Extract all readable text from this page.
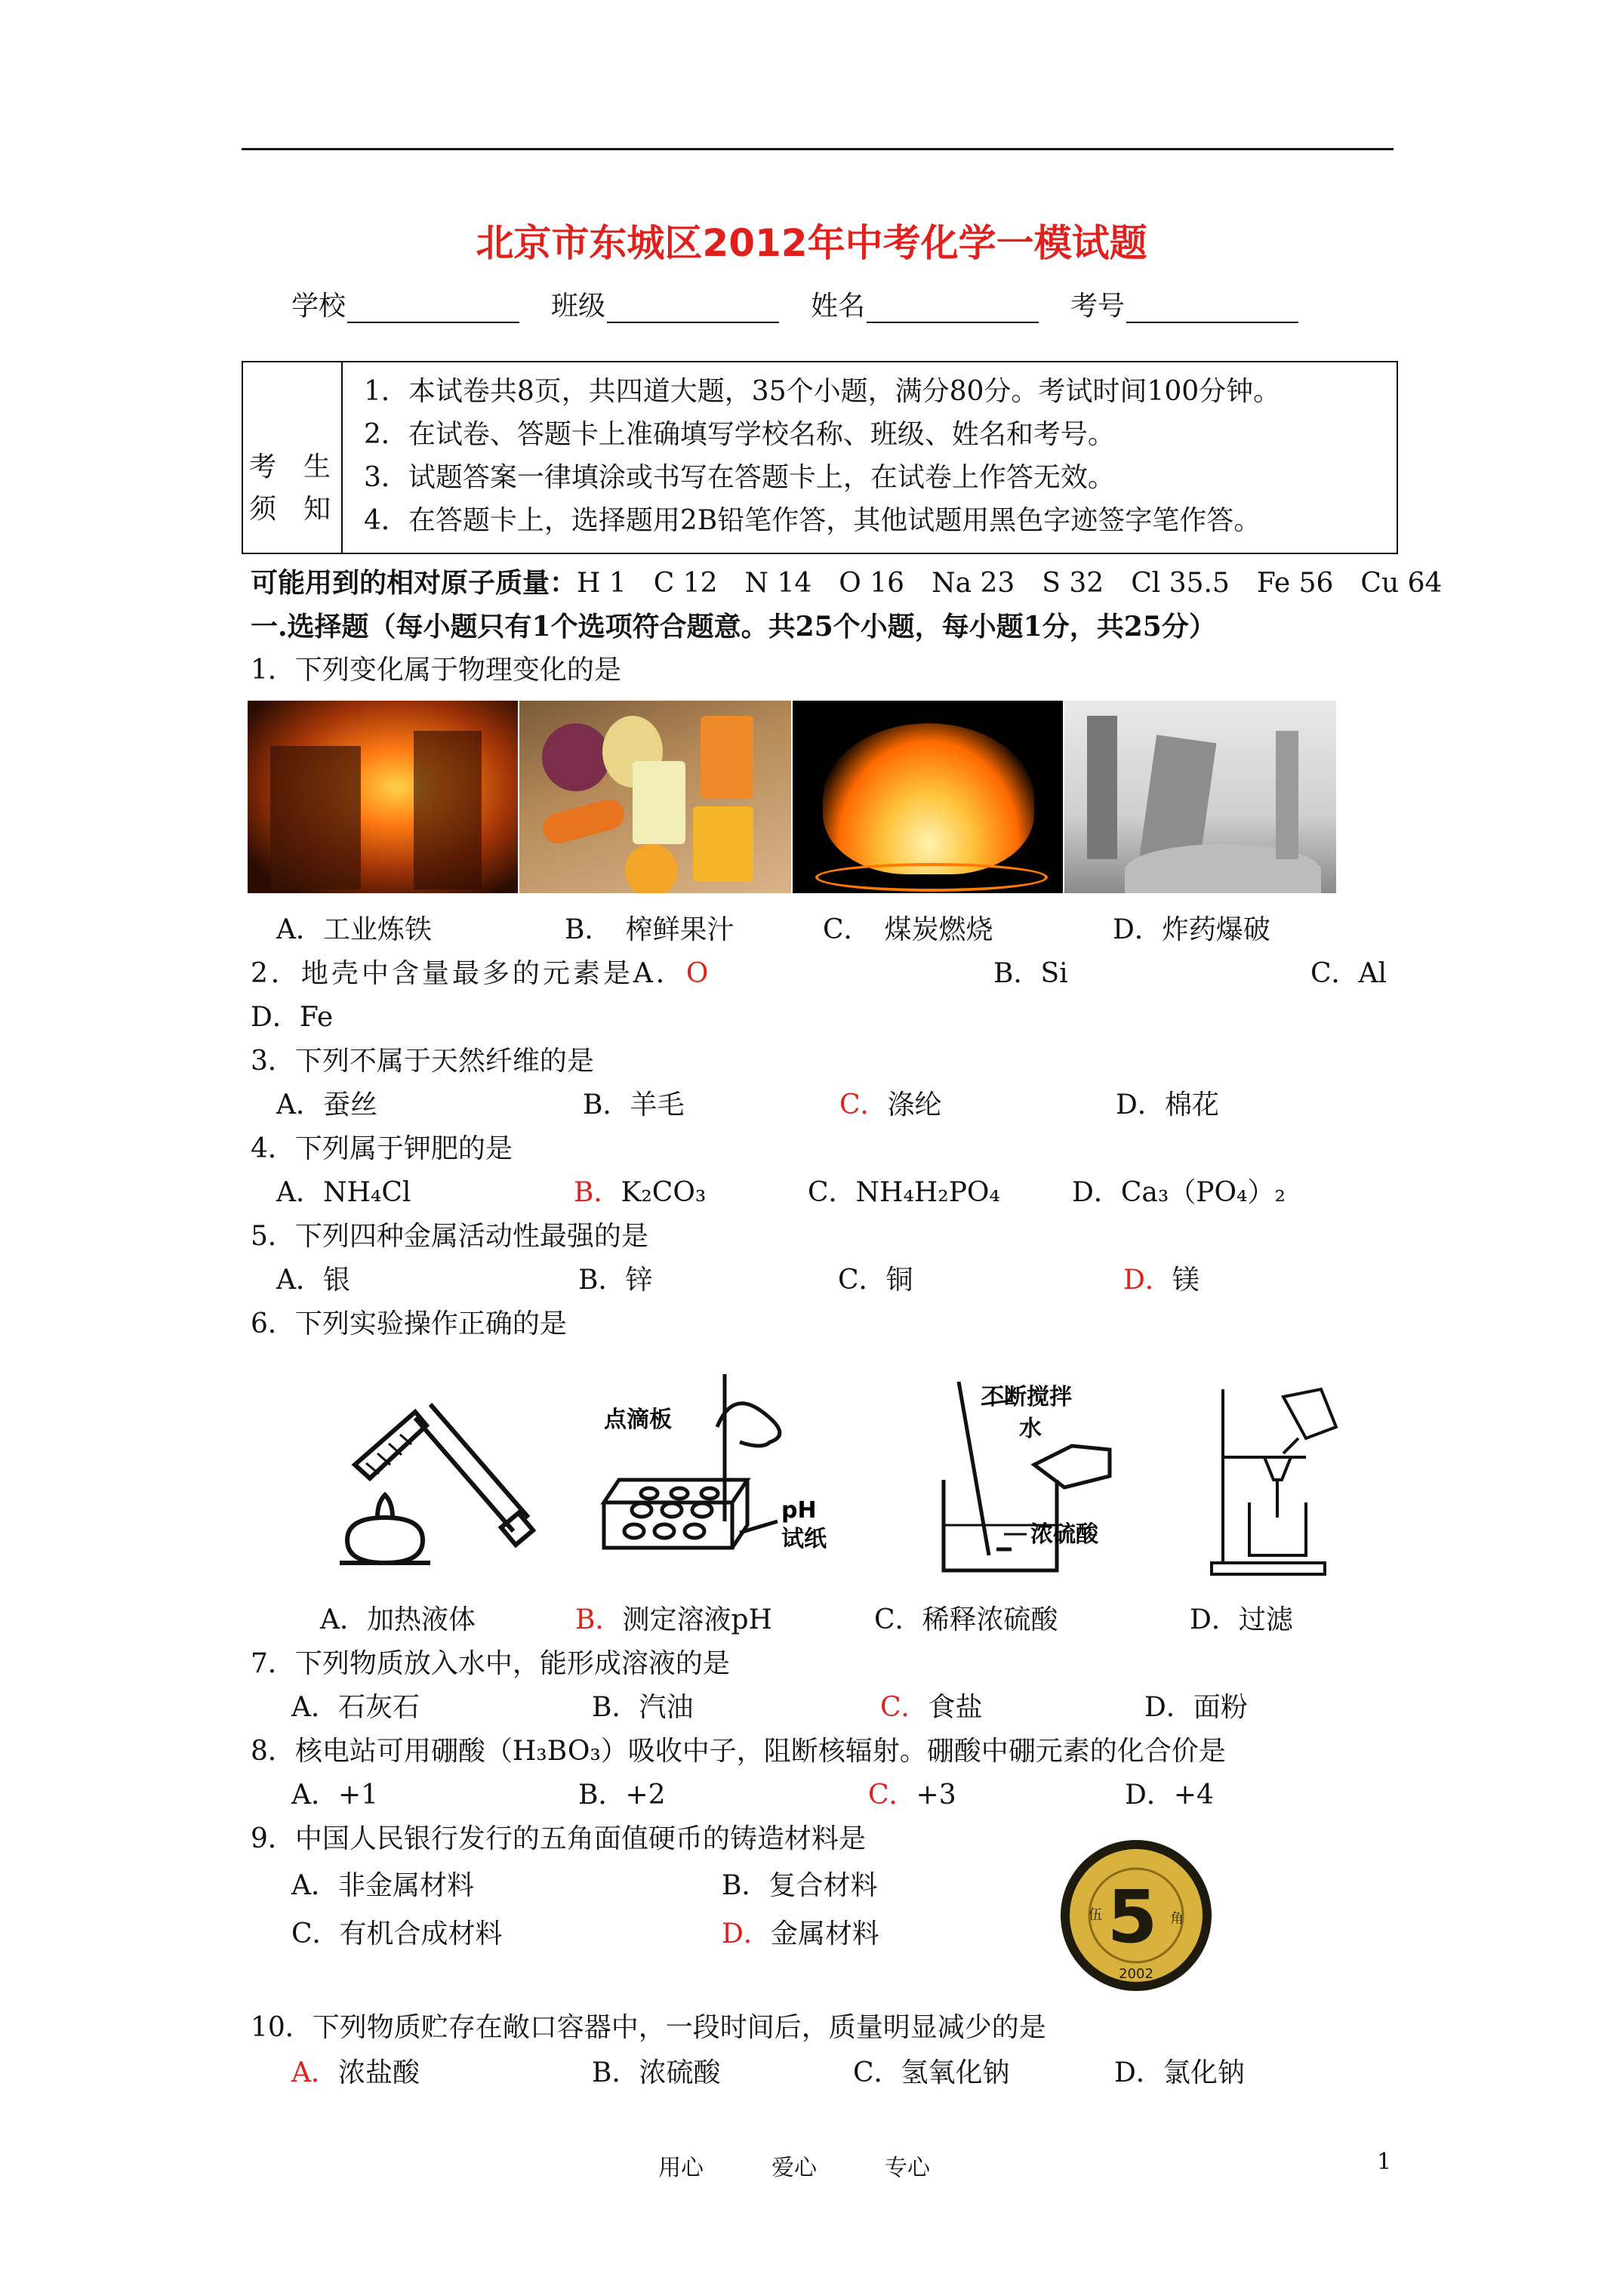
北京市东城区2012年中考化学一模试题
学校	班级	姓名	考号
考　生
须　知
1．本试卷共8页，共四道大题，35个小题，满分80分。考试时间100分钟。
2．在试卷、答题卡上准确填写学校名称、班级、姓名和考号。
3．试题答案一律填涂或书写在答题卡上，在试卷上作答无效。
4．在答题卡上，选择题用2B铅笔作答，其他试题用黑色字迹签字笔作答。
可能用到的相对原子质量：H 1　C 12　N 14　O 16　Na 23　S 32　Cl 35.5　Fe 56　Cu 64
一.选择题（每小题只有1个选项符合题意。共25个小题，每小题1分，共25分）
1．下列变化属于物理变化的是
A．工业炼铁	B．　榨鲜果汁	C．　煤炭燃烧	D．炸药爆破
2．地壳中含量最多的元素是A．O	B．Si	C．Al
D．Fe
3．下列不属于天然纤维的是
A．蚕丝	B．羊毛	C．涤纶	D．棉花
4．下列属于钾肥的是
A．NH₄Cl	B．K₂CO₃	C．NH₄H₂PO₄	D．Ca₃（PO₄）₂
5．下列四种金属活动性最强的是
A．银	B．锌	C．铜	D．镁
6．下列实验操作正确的是
点滴板
pH
试纸
不断搅拌
水
浓硫酸
A．加热液体	B．测定溶液pH	C．稀释浓硫酸	D．过滤
7．下列物质放入水中，能形成溶液的是
A．石灰石	B．汽油	C．食盐	D．面粉
8．核电站可用硼酸（H₃BO₃）吸收中子，阻断核辐射。硼酸中硼元素的化合价是
A．+1	B．+2	C．+3	D．+4
9．中国人民银行发行的五角面值硬币的铸造材料是
A．非金属材料	B．复合材料
C．有机合成材料	D．金属材料	5
伍	角
2002
10．下列物质贮存在敞口容器中，一段时间后，质量明显减少的是
A．浓盐酸	B．浓硫酸	C．氢氧化钠	D．氯化钠
用心　　　爱心　　　专心	1
